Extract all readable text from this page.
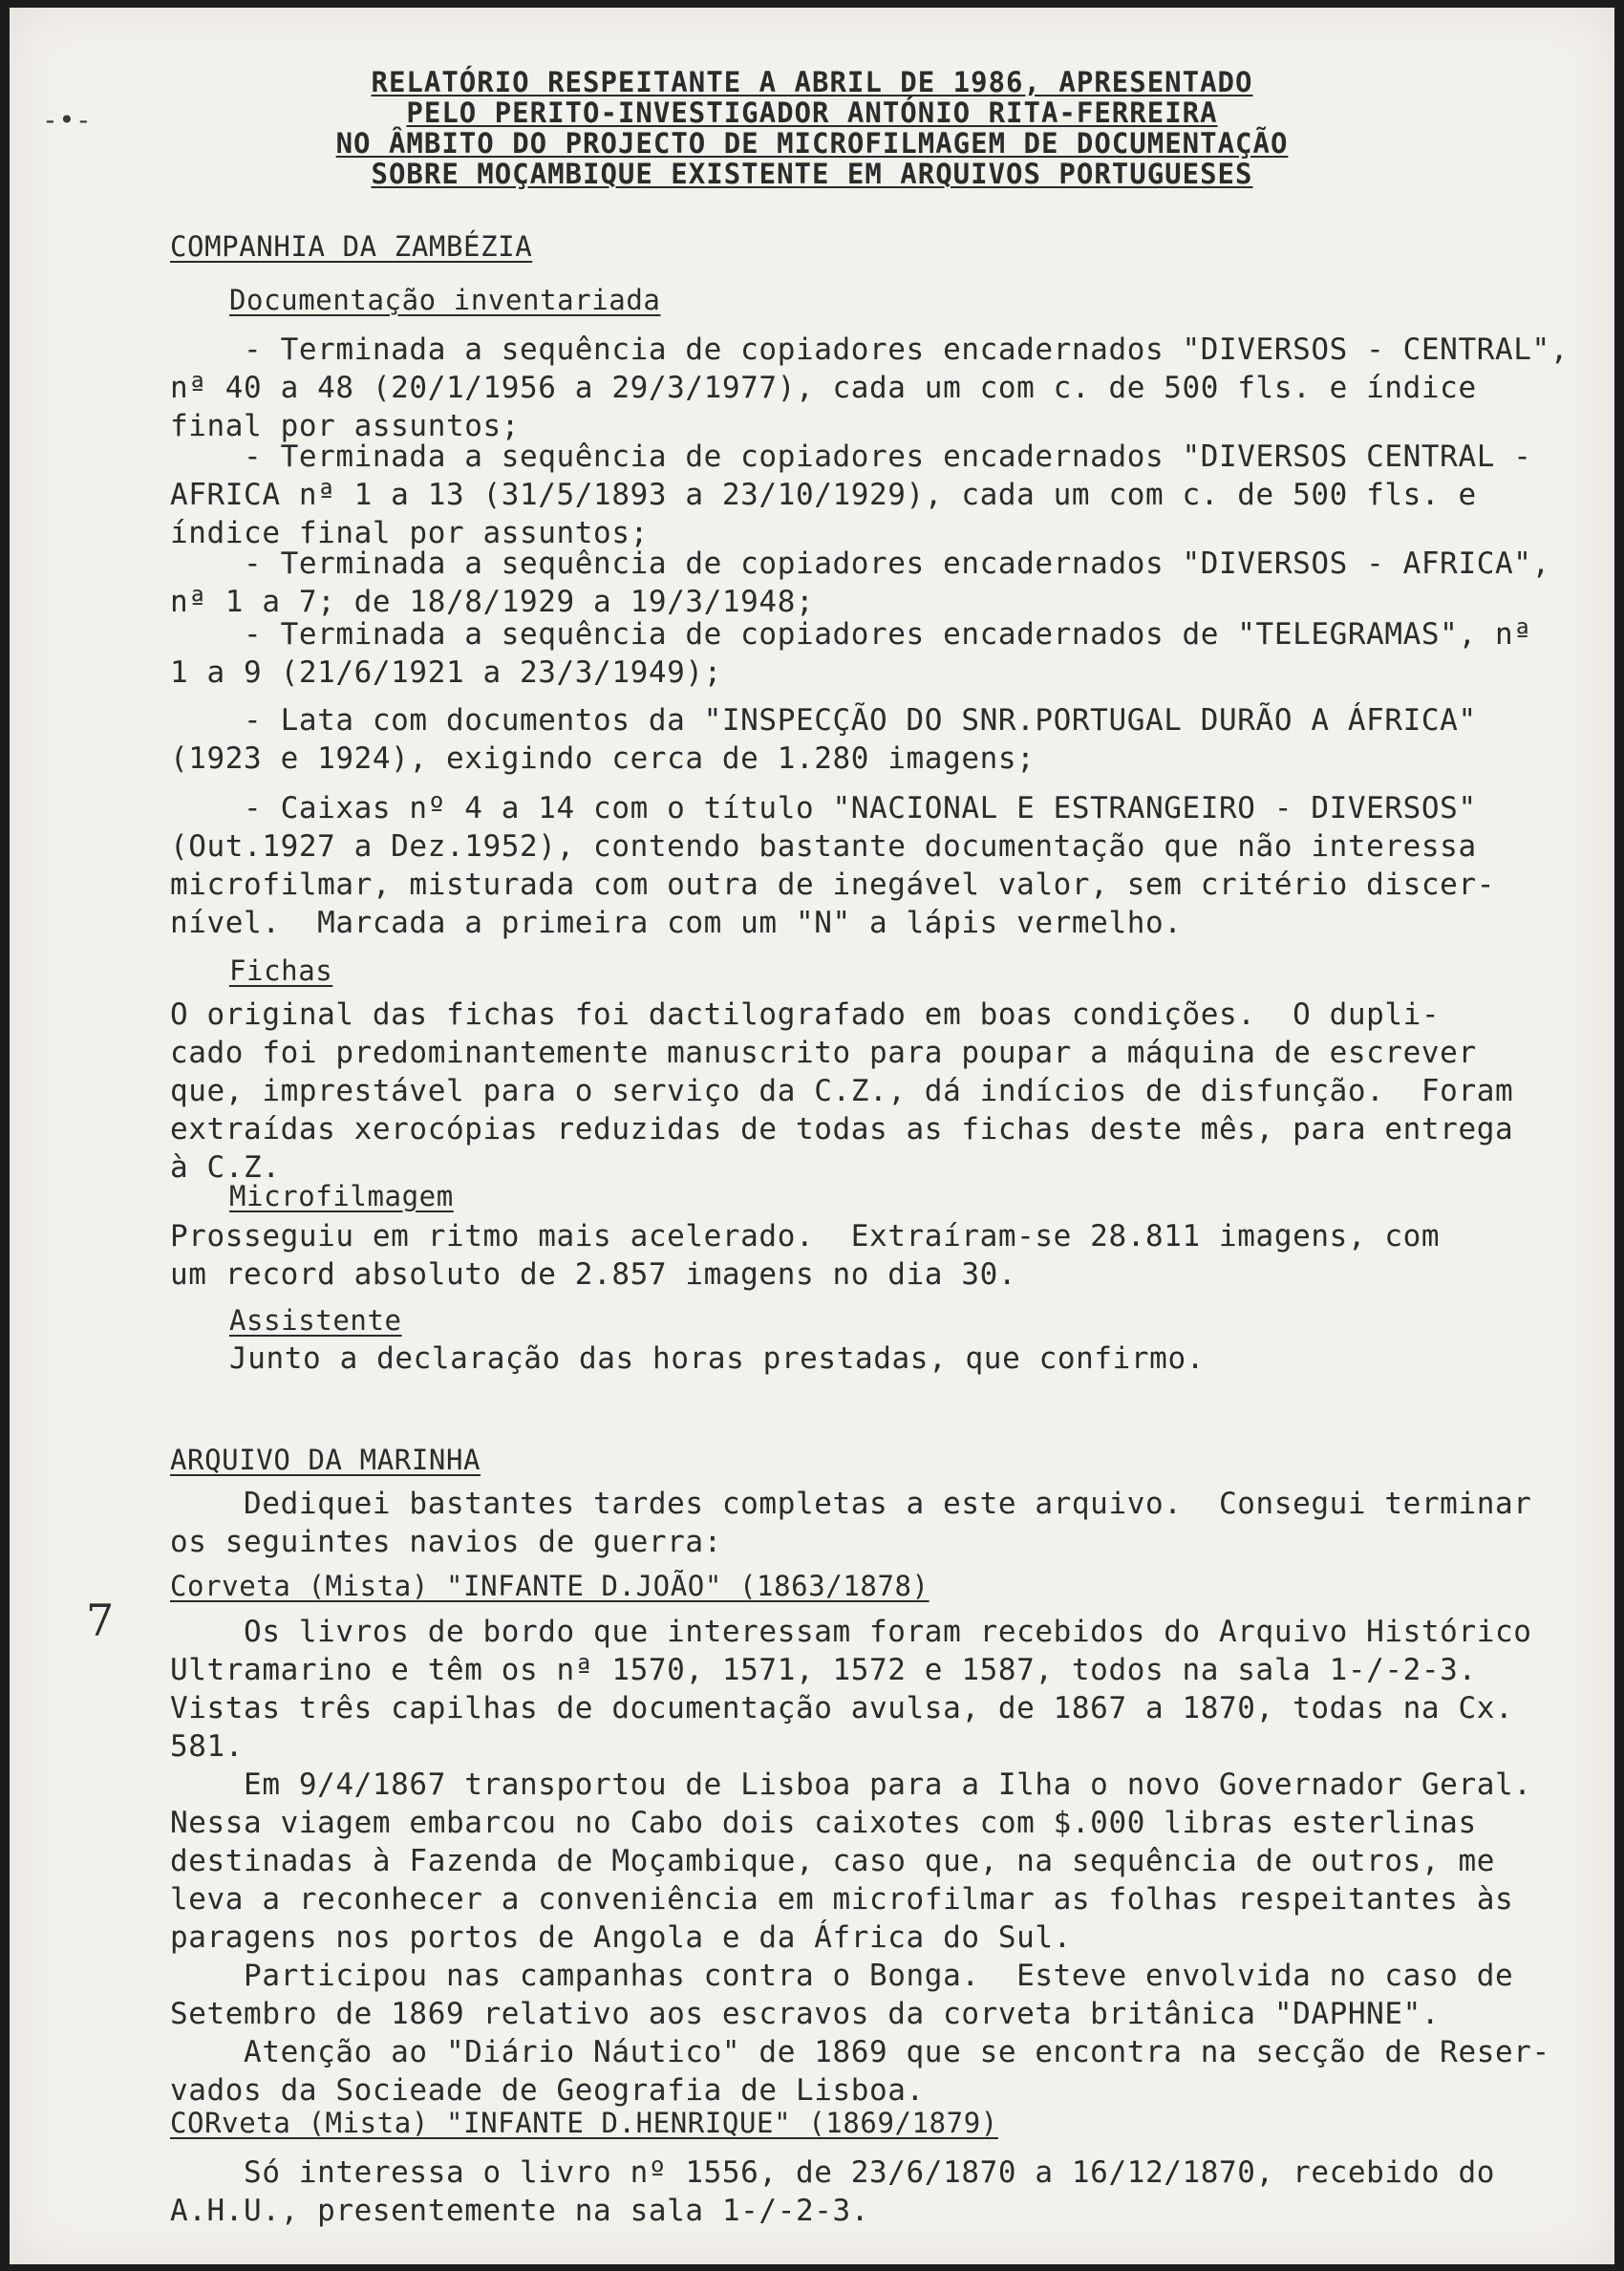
-•-
RELATÓRIO RESPEITANTE A ABRIL DE 1986, APRESENTADO
PELO PERITO-INVESTIGADOR ANTÓNIO RITA-FERREIRA
NO ÂMBITO DO PROJECTO DE MICROFILMAGEM DE DOCUMENTAÇÃO
SOBRE MOÇAMBIQUE EXISTENTE EM ARQUIVOS PORTUGUESES
COMPANHIA DA ZAMBÉZIA
Documentação inventariada
- Terminada a sequência de copiadores encadernados "DIVERSOS - CENTRAL",
nª 40 a 48 (20/1/1956 a 29/3/1977), cada um com c. de 500 fls. e índice
final por assuntos;
- Terminada a sequência de copiadores encadernados "DIVERSOS CENTRAL -
AFRICA nª 1 a 13 (31/5/1893 a 23/10/1929), cada um com c. de 500 fls. e
índice final por assuntos;
- Terminada a sequência de copiadores encadernados "DIVERSOS - AFRICA",
nª 1 a 7; de 18/8/1929 a 19/3/1948;
- Terminada a sequência de copiadores encadernados de "TELEGRAMAS", nª
1 a 9 (21/6/1921 a 23/3/1949);
- Lata com documentos da "INSPECÇÃO DO SNR.PORTUGAL DURÃO A ÁFRICA"
(1923 e 1924), exigindo cerca de 1.280 imagens;
- Caixas nº 4 a 14 com o título "NACIONAL E ESTRANGEIRO - DIVERSOS"
(Out.1927 a Dez.1952), contendo bastante documentação que não interessa
microfilmar, misturada com outra de inegável valor, sem critério discer-
nível.  Marcada a primeira com um "N" a lápis vermelho.
Fichas
O original das fichas foi dactilografado em boas condições.  O dupli-
cado foi predominantemente manuscrito para poupar a máquina de escrever
que, imprestável para o serviço da C.Z., dá indícios de disfunção.  Foram
extraídas xerocópias reduzidas de todas as fichas deste mês, para entrega
à C.Z.
Microfilmagem
Prosseguiu em ritmo mais acelerado.  Extraíram-se 28.811 imagens, com
um record absoluto de 2.857 imagens no dia 30.
Assistente
Junto a declaração das horas prestadas, que confirmo.
ARQUIVO DA MARINHA
Dediquei bastantes tardes completas a este arquivo.  Consegui terminar
os seguintes navios de guerra:
Corveta (Mista) "INFANTE D.JOÃO" (1863/1878)
Os livros de bordo que interessam foram recebidos do Arquivo Histórico
Ultramarino e têm os nª 1570, 1571, 1572 e 1587, todos na sala 1-/-2-3.
Vistas três capilhas de documentação avulsa, de 1867 a 1870, todas na Cx.
581.
Em 9/4/1867 transportou de Lisboa para a Ilha o novo Governador Geral.
Nessa viagem embarcou no Cabo dois caixotes com $.000 libras esterlinas
destinadas à Fazenda de Moçambique, caso que, na sequência de outros, me
leva a reconhecer a conveniência em microfilmar as folhas respeitantes às
paragens nos portos de Angola e da África do Sul.
Participou nas campanhas contra o Bonga.  Esteve envolvida no caso de
Setembro de 1869 relativo aos escravos da corveta britânica "DAPHNE".
Atenção ao "Diário Náutico" de 1869 que se encontra na secção de Reser-
vados da Socieade de Geografia de Lisboa.
CORveta (Mista) "INFANTE D.HENRIQUE" (1869/1879)
Só interessa o livro nº 1556, de 23/6/1870 a 16/12/1870, recebido do
A.H.U., presentemente na sala 1-/-2-3.
7
